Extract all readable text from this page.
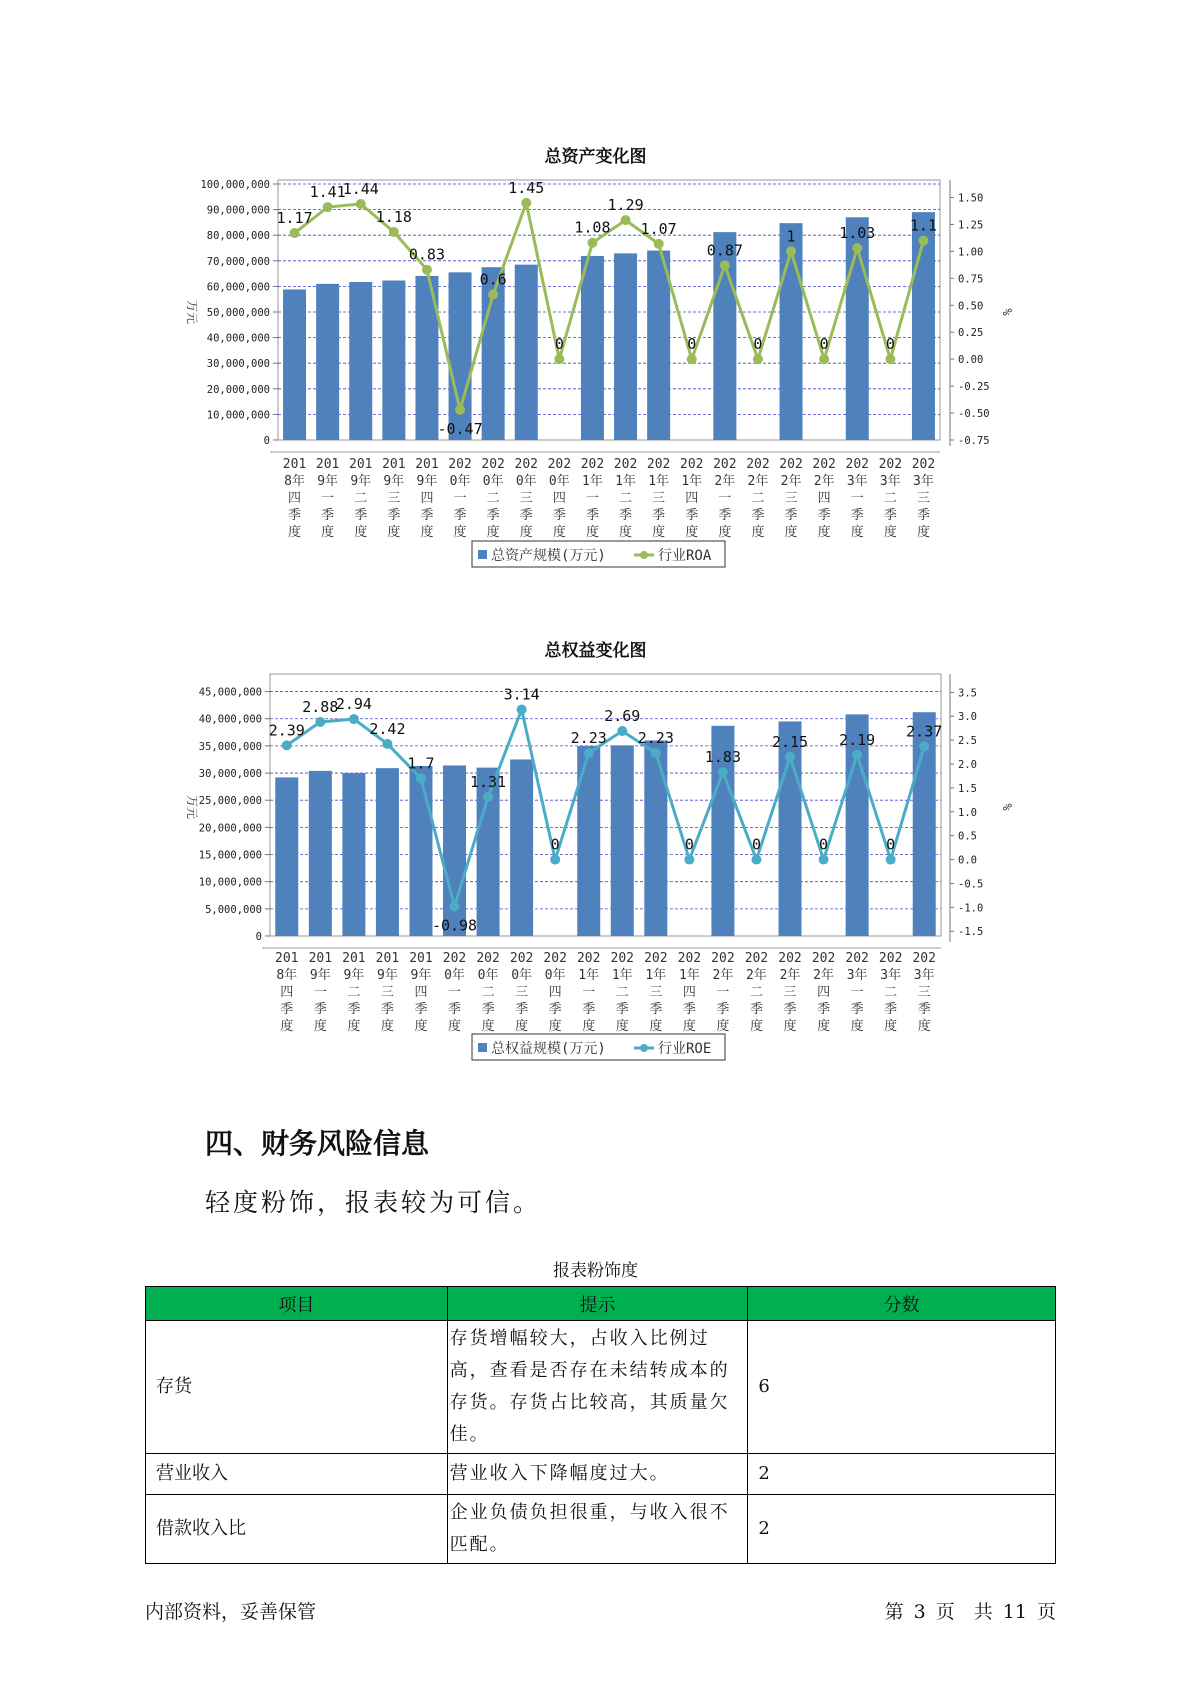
总资产变化图
100,000,000
90,000,000
80,000,000
70,000,000
60,000,000
50,000,000
40,000,000
30,000,000
20,000,000
10,000,000
0
1.50
1.25
1.00
0.75
0.50
0.25
0.00
-0.25
-0.50
-0.75
万元	%
1.17
1.41
1.44
1.18
0.83
-0.47
0.6
1.45
0
1.08
1.29
1.07
0
0.87
0
1
0
1.03
0
1.1
201
8年
四
季
度
201
9年
一
季
度
201
9年
二
季
度
201
9年
三
季
度
201
9年
四
季
度
202
0年
一
季
度
202
0年
二
季
度
202
0年
三
季
度
202
0年
四
季
度
202
1年
一
季
度
202
1年
二
季
度
202
1年
三
季
度
202
1年
四
季
度
202
2年
一
季
度
202
2年
二
季
度
202
2年
三
季
度
202
2年
四
季
度
202
3年
一
季
度
202
3年
二
季
度
202
3年
三
季
度
总资产规模(万元)	行业ROA
总权益变化图
45,000,000
40,000,000
35,000,000
30,000,000
25,000,000
20,000,000
15,000,000
10,000,000
5,000,000
0
3.5
3.0
2.5
2.0
1.5
1.0
0.5
0.0
-0.5
-1.0
-1.5
万元	%
2.39
2.88
2.94
2.42
1.7
-0.98
1.31
3.14
0
2.23
2.69
2.23
0
1.83
0
2.15
0
2.19
0
2.37
201
8年
四
季
度
201
9年
一
季
度
201
9年
二
季
度
201
9年
三
季
度
201
9年
四
季
度
202
0年
一
季
度
202
0年
二
季
度
202
0年
三
季
度
202
0年
四
季
度
202
1年
一
季
度
202
1年
二
季
度
202
1年
三
季
度
202
1年
四
季
度
202
2年
一
季
度
202
2年
二
季
度
202
2年
三
季
度
202
2年
四
季
度
202
3年
一
季
度
202
3年
二
季
度
202
3年
三
季
度
总权益规模(万元)	行业ROE
四、财务风险信息

轻度粉饰，报表较为可信。

报表粉饰度
项目	提示	分数
存货	存货增幅较大，占收入比例过高，查看是否存在未结转成本的存货。存货占比较高，其质量欠佳。	6
营业收入	营业收入下降幅度过大。	2
借款收入比	企业负债负担很重，与收入很不匹配。	2
内部资料，妥善保管	第 3 页　共 11 页
